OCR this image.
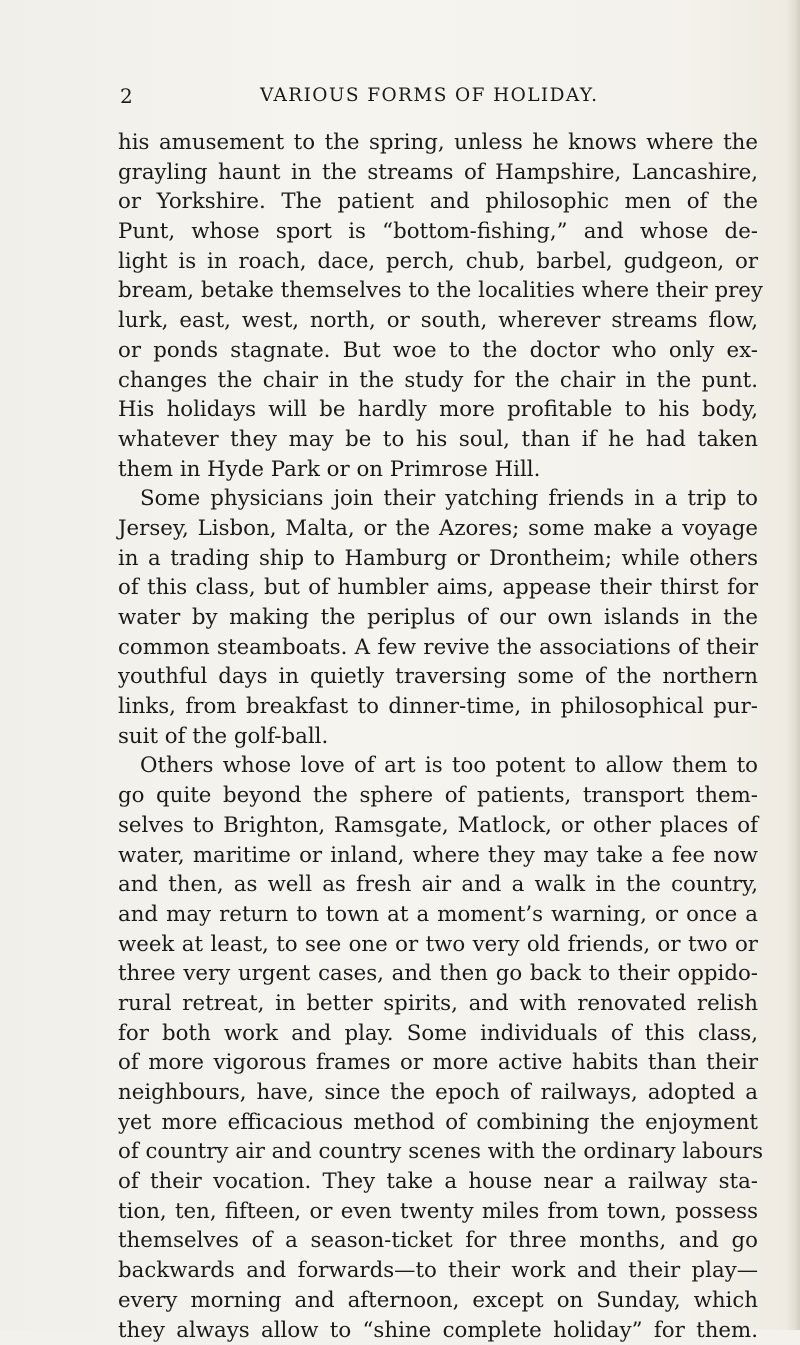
2	VARIOUS FORMS OF HOLIDAY.
his amusement to the spring, unless he knows where the
grayling haunt in the streams of Hampshire, Lancashire,
or Yorkshire. The patient and philosophic men of the
Punt, whose sport is “bottom-fishing,” and whose de-
light is in roach, dace, perch, chub, barbel, gudgeon, or
bream, betake themselves to the localities where their prey
lurk, east, west, north, or south, wherever streams flow,
or ponds stagnate. But woe to the doctor who only ex-
changes the chair in the study for the chair in the punt.
His holidays will be hardly more profitable to his body,
whatever they may be to his soul, than if he had taken
them in Hyde Park or on Primrose Hill.
Some physicians join their yatching friends in a trip to
Jersey, Lisbon, Malta, or the Azores; some make a voyage
in a trading ship to Hamburg or Drontheim; while others
of this class, but of humbler aims, appease their thirst for
water by making the periplus of our own islands in the
common steamboats. A few revive the associations of their
youthful days in quietly traversing some of the northern
links, from breakfast to dinner-time, in philosophical pur-
suit of the golf-ball.
Others whose love of art is too potent to allow them to
go quite beyond the sphere of patients, transport them-
selves to Brighton, Ramsgate, Matlock, or other places of
water, maritime or inland, where they may take a fee now
and then, as well as fresh air and a walk in the country,
and may return to town at a moment’s warning, or once a
week at least, to see one or two very old friends, or two or
three very urgent cases, and then go back to their oppido-
rural retreat, in better spirits, and with renovated relish
for both work and play. Some individuals of this class,
of more vigorous frames or more active habits than their
neighbours, have, since the epoch of railways, adopted a
yet more efficacious method of combining the enjoyment
of country air and country scenes with the ordinary labours
of their vocation. They take a house near a railway sta-
tion, ten, fifteen, or even twenty miles from town, possess
themselves of a season-ticket for three months, and go
backwards and forwards—to their work and their play—
every morning and afternoon, except on Sunday, which
they always allow to “shine complete holiday” for them.
